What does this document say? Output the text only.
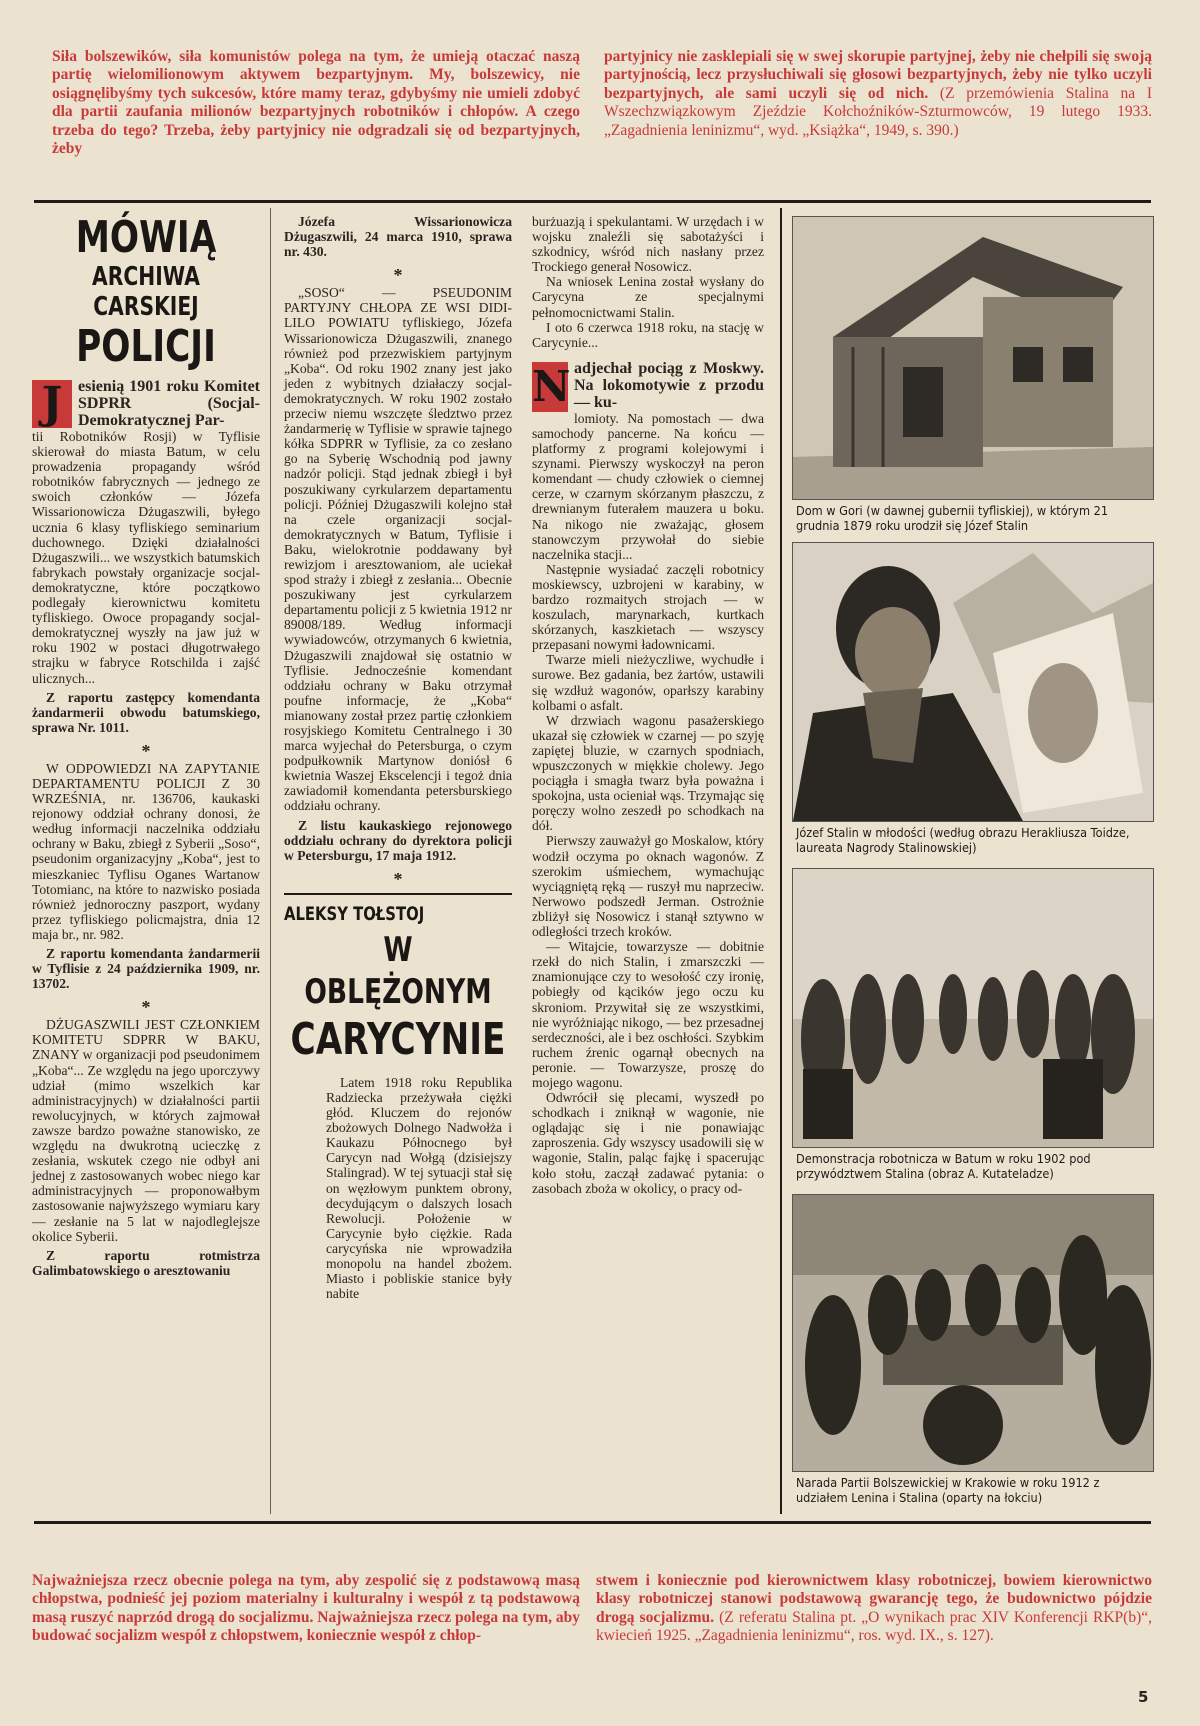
Siła bolszewików, siła komunistów polega na tym, że umieją otaczać naszą partię wielomilionowym aktywem bezpartyjnym. My, bolszewicy, nie osiągnęlibyśmy tych sukcesów, które mamy teraz, gdybyśmy nie umieli zdobyć dla partii zaufania milionów bezpartyjnych robotników i chłopów. A czego trzeba do tego? Trzeba, żeby partyjnicy nie odgradzali się od bezpartyjnych, żeby
partyjnicy nie zasklepiali się w swej skorupie partyjnej, żeby nie chełpili się swoją partyjnością, lecz przysłuchiwali się głosowi bezpartyjnych, żeby nie tylko uczyli bezpartyjnych, ale sami uczyli się od nich. (Z przemówienia Stalina na I Wszechzwiązkowym Zjeździe Kołchoźników-Szturmowców, 19 lutego 1933. „Zagadnienia leninizmu“, wyd. „Książka“, 1949, s. 390.)
MÓWIĄ
ARCHIWA CARSKIEJ
POLICJI
J esienią 1901 roku Komitet SDPRR (Socjal-Demokratycznej Par-

tii Robotników Rosji) w Tyflisie skierował do miasta Batum, w celu prowadzenia propagandy wśród robotników fabrycznych — jednego ze swoich członków — Józefa Wissarionowicza Dżugaszwili, byłego ucznia 6 klasy tyfliskiego seminarium duchownego. Dzięki działalności Dżugaszwili... we wszystkich batumskich fabrykach powstały organizacje socjal-demokratyczne, które początkowo podlegały kierownictwu komitetu tyfliskiego. Owoce propagandy socjal-demokratycznej wyszły na jaw już w roku 1902 w postaci długotrwałego strajku w fabryce Rotschilda i zajść ulicznych...

Z raportu zastępcy komendanta żandarmerii obwodu batumskiego, sprawa Nr. 1011.
*

W ODPOWIEDZI NA ZAPYTANIE DEPARTAMENTU POLICJI Z 30 WRZEŚNIA, nr. 136706, kaukaski rejonowy oddział ochrany donosi, że według informacji naczelnika oddziału ochrany w Baku, zbiegł z Syberii „Soso“, pseudonim organizacyjny „Koba“, jest to mieszkaniec Tyflisu Oganes Wartanow Totomianc, na które to nazwisko posiada również jednoroczny paszport, wydany przez tyfliskiego policmajstra, dnia 12 maja br., nr. 982.

Z raportu komendanta żandarmerii w Tyflisie z 24 października 1909, nr. 13702.
*

DŻUGASZWILI JEST CZŁONKIEM KOMITETU SDPRR W BAKU, ZNANY w organizacji pod pseudonimem „Koba“... Ze względu na jego uporczywy udział (mimo wszelkich kar administracyjnych) w działalności partii rewolucyjnych, w których zajmował zawsze bardzo poważne stanowisko, ze względu na dwukrotną ucieczkę z zesłania, wskutek czego nie odbył ani jednej z zastosowanych wobec niego kar administracyjnych — proponowałbym zastosowanie najwyższego wymiaru kary — zesłanie na 5 lat w najodleglejsze okolice Syberii.

Z raportu rotmistrza Galimbatowskiego o aresztowaniu
Józefa Wissarionowicza Dżugaszwili, 24 marca 1910, sprawa nr. 430.
*

„SOSO“ — PSEUDONIM PARTYJNY CHŁOPA ZE WSI DIDI-LILO POWIATU tyfliskiego, Józefa Wissarionowicza Dżugaszwili, znanego również pod przezwiskiem partyjnym „Koba“. Od roku 1902 znany jest jako jeden z wybitnych działaczy socjal-demokratycznych. W roku 1902 zostało przeciw niemu wszczęte śledztwo przez żandarmerię w Tyflisie w sprawie tajnego kółka SDPRR w Tyflisie, za co zesłano go na Syberię Wschodnią pod jawny nadzór policji. Stąd jednak zbiegł i był poszukiwany cyrkularzem departamentu policji. Później Dżugaszwili kolejno stał na czele organizacji socjal-demokratycznych w Batum, Tyflisie i Baku, wielokrotnie poddawany był rewizjom i aresztowaniom, ale uciekał spod straży i zbiegł z zesłania... Obecnie poszukiwany jest cyrkularzem departamentu policji z 5 kwietnia 1912 nr 89008/189. Według informacji wywiadowców, otrzymanych 6 kwietnia, Dżugaszwili znajdował się ostatnio w Tyflisie. Jednocześnie komendant oddziału ochrany w Baku otrzymał poufne informacje, że „Koba“ mianowany został przez partię członkiem rosyjskiego Komitetu Centralnego i 30 marca wyjechał do Petersburga, o czym podpułkownik Martynow doniósł 6 kwietnia Waszej Ekscelencji i tegoż dnia zawiadomił komendanta petersburskiego oddziału ochrany.

Z listu kaukaskiego rejonowego oddziału ochrany do dyrektora policji w Petersburgu, 17 maja 1912.
*
ALEKSY TOŁSTOJ
W OBLĘŻONYM
CARYCYNIE

Latem 1918 roku Republika Radziecka przeżywała ciężki głód. Kluczem do rejonów zbożowych Dolnego Nadwołża i Kaukazu Północnego był Carycyn nad Wołgą (dzisiejszy Stalingrad). W tej sytuacji stał się on węzłowym punktem obrony, decydującym o dalszych losach Rewolucji. Położenie w Carycynie było ciężkie. Rada carycyńska nie wprowadziła monopolu na handel zbożem. Miasto i pobliskie stanice były nabite

burżuazją i spekulantami. W urzędach i w wojsku znaleźli się sabotażyści i szkodnicy, wśród nich nasłany przez Trockiego generał Nosowicz.

Na wniosek Lenina został wysłany do Carycyna ze specjalnymi pełnomocnictwami Stalin.

I oto 6 czerwca 1918 roku, na stację w Carycynie...

N adjechał pociąg z Moskwy. Na lokomotywie z przodu — ku-

lomioty. Na pomostach — dwa samochody pancerne. Na końcu — platformy z programi kolejowymi i szynami. Pierwszy wyskoczył na peron komendant — chudy człowiek o ciemnej cerze, w czarnym skórzanym płaszczu, z drewnianym futerałem mauzera u boku. Na nikogo nie zważając, głosem stanowczym przywołał do siebie naczelnika stacji...

Następnie wysiadać zaczęli robotnicy moskiewscy, uzbrojeni w karabiny, w bardzo rozmaitych strojach — w koszulach, marynarkach, kurtkach skórzanych, kaszkietach — wszyscy przepasani nowymi ładownicami.

Twarze mieli nieżyczliwe, wychudłe i surowe. Bez gadania, bez żartów, ustawili się wzdłuż wagonów, oparłszy karabiny kolbami o asfalt.

W drzwiach wagonu pasażerskiego ukazał się człowiek w czarnej — po szyję zapiętej bluzie, w czarnych spodniach, wpuszczonych w miękkie cholewy. Jego pociągła i smagła twarz była poważna i spokojna, usta ocieniał wąs. Trzymając się poręczy wolno zeszedł po schodkach na dół.

Pierwszy zauważył go Moskalow, który wodził oczyma po oknach wagonów. Z szerokim uśmiechem, wymachując wyciągniętą ręką — ruszył mu naprzeciw. Nerwowo podszedł Jerman. Ostrożnie zbliżył się Nosowicz i stanął sztywno w odległości trzech kroków.

— Witajcie, towarzysze — dobitnie rzekł do nich Stalin, i zmarszczki — znamionujące czy to wesołość czy ironię, pobiegły od kącików jego oczu ku skroniom. Przywitał się ze wszystkimi, nie wyróżniając nikogo, — bez przesadnej serdeczności, ale i bez oschłości. Szybkim ruchem źrenic ogarnął obecnych na peronie. — Towarzysze, proszę do mojego wagonu.

Odwrócił się plecami, wyszedł po schodkach i zniknął w wagonie, nie oglądając się i nie ponawiając zaproszenia. Gdy wszyscy usadowili się w wagonie, Stalin, paląc fajkę i spacerując koło stołu, zaczął zadawać pytania: o zasobach zboża w okolicy, o pracy od-

Dom w Gori (w dawnej gubernii tyfliskiej), w którym 21 grudnia 1879 roku urodził się Józef Stalin
Józef Stalin w młodości (według obrazu Herakliusza Toidze, laureata Nagrody Stalinowskiej)
Demonstracja robotnicza w Batum w roku 1902 pod przywództwem Stalina (obraz A. Kutateladze)
Narada Partii Bolszewickiej w Krakowie w roku 1912 z udziałem Lenina i Stalina (oparty na łokciu)
Najważniejsza rzecz obecnie polega na tym, aby zespolić się z podstawową masą chłopstwa, podnieść jej poziom materialny i kulturalny i wespół z tą podstawową masą ruszyć naprzód drogą do socjalizmu. Najważniejsza rzecz polega na tym, aby budować socjalizm wespół z chłopstwem, koniecznie wespół z chłop-
stwem i koniecznie pod kierownictwem klasy robotniczej, bowiem kierownictwo klasy robotniczej stanowi podstawową gwarancję tego, że budownictwo pójdzie drogą socjalizmu. (Z referatu Stalina pt. „O wynikach prac XIV Konferencji RKP(b)“, kwiecień 1925. „Zagadnienia leninizmu“, ros. wyd. IX., s. 127).
5
